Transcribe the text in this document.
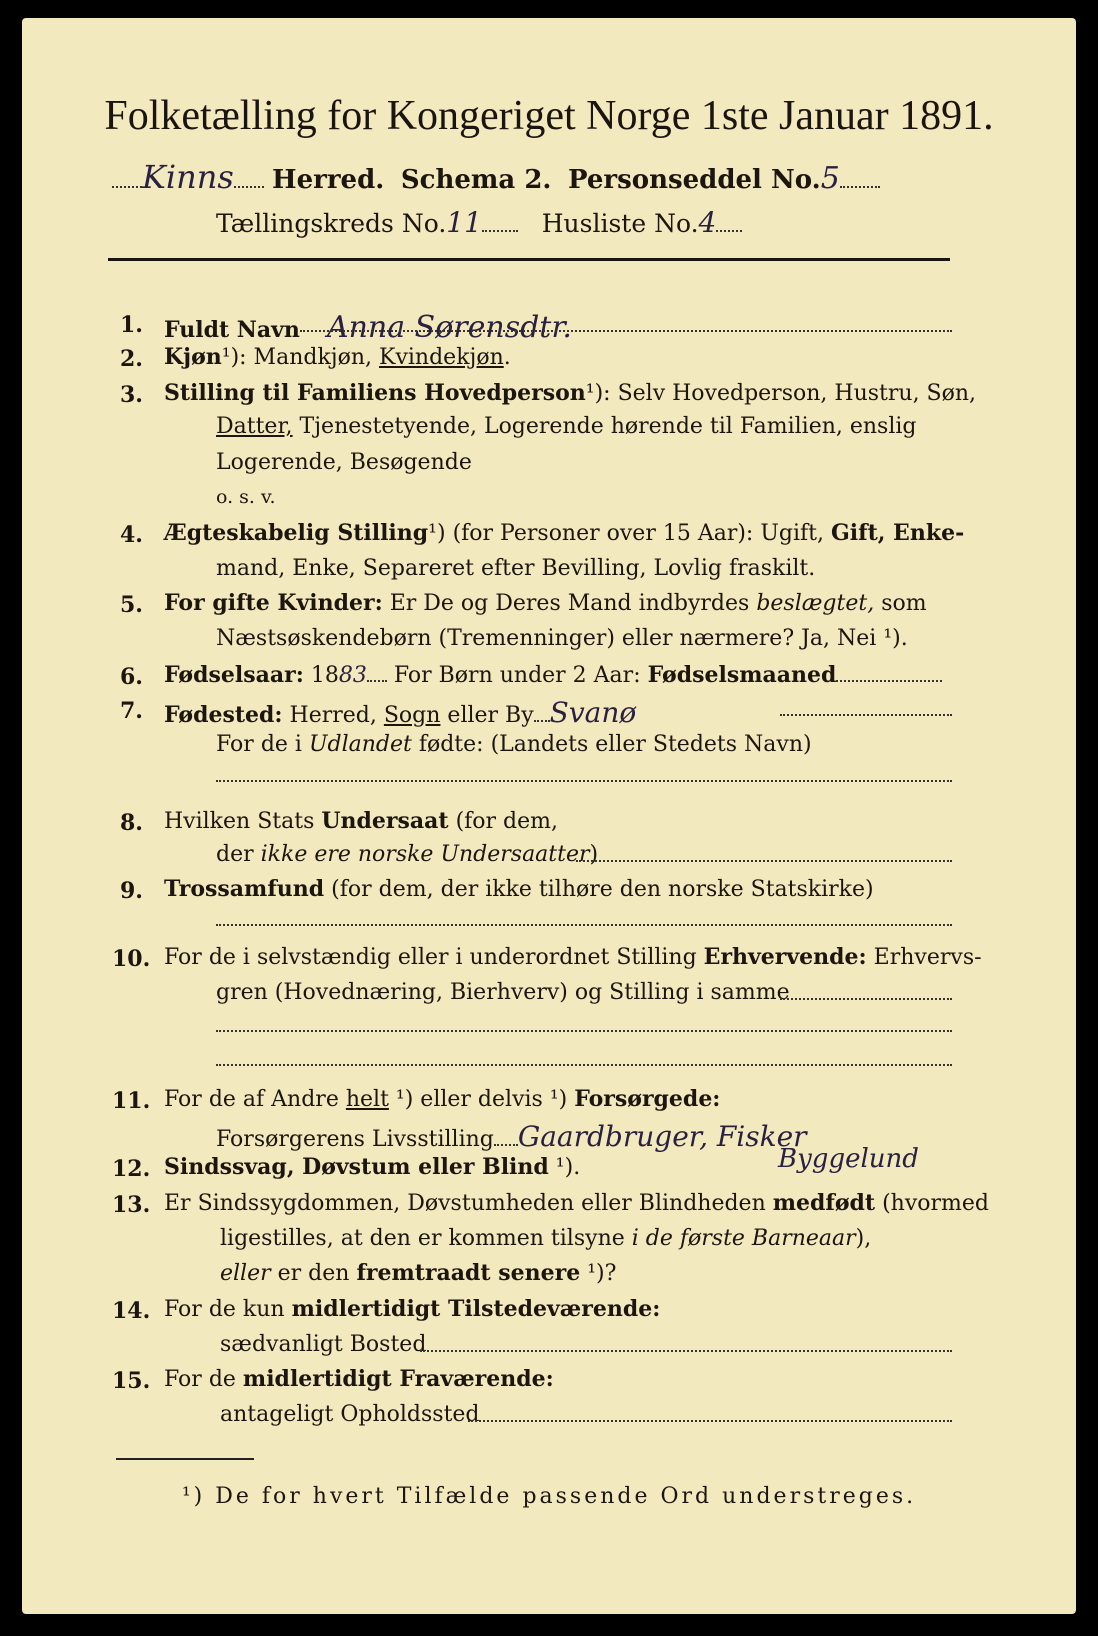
Folketælling for Kongeriget Norge 1ste Januar 1891.
Kinns Herred. Schema 2. Personseddel No.5
Tællingskreds No.11 Husliste No.4
1. Fuldt Navn Anna Sørensdtr.
2. Kjøn¹): Mandkjøn, Kvindekjøn.
3. Stilling til Familiens Hovedperson¹): Selv Hovedperson, Hustru, Søn,
Datter, Tjenestetyende, Logerende hørende til Familien, enslig
Logerende, Besøgende
o. s. v.
4. Ægteskabelig Stilling¹) (for Personer over 15 Aar): Ugift, Gift, Enke-
mand, Enke, Separeret efter Bevilling, Lovlig fraskilt.
5. For gifte Kvinder: Er De og Deres Mand indbyrdes beslægtet, som
Næstsøskendebørn (Tremenninger) eller nærmere? Ja, Nei ¹).
6. Fødselsaar: 1883 For Børn under 2 Aar: Fødselsmaaned
7. Fødested: Herred, Sogn eller By Svanø
For de i Udlandet fødte: (Landets eller Stedets Navn)
8. Hvilken Stats Undersaat (for dem,
der ikke ere norske Undersaatter)
9. Trossamfund (for dem, der ikke tilhøre den norske Statskirke)
10. For de i selvstændig eller i underordnet Stilling Erhvervende: Erhvervs-
gren (Hovednæring, Bierhverv) og Stilling i samme
11. For de af Andre helt ¹) eller delvis ¹) Forsørgede:
Forsørgerens Livsstilling Gaardbruger, Fisker
12. Sindssvag, Døvstum eller Blind ¹).	Byggelund
13. Er Sindssygdommen, Døvstumheden eller Blindheden medfødt (hvormed
ligestilles, at den er kommen tilsyne i de første Barneaar),
eller er den fremtraadt senere ¹)?
14. For de kun midlertidigt Tilstedeværende:
sædvanligt Bosted
15. For de midlertidigt Fraværende:
antageligt Opholdssted
¹) De for hvert Tilfælde passende Ord understreges.
